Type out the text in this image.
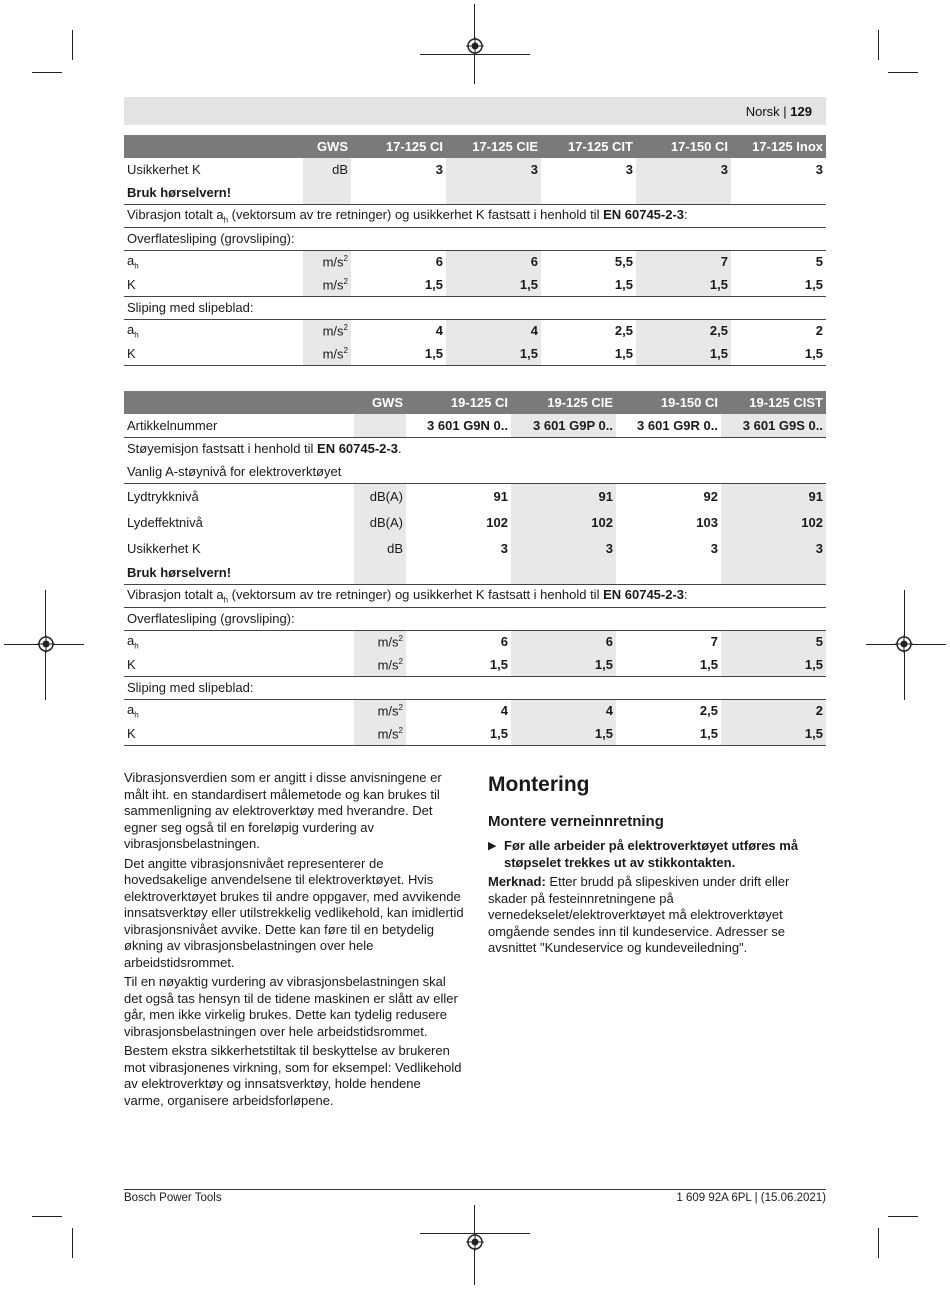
Norsk | 129
	GWS	17-125 CI	17-125 CIE	17-125 CIT	17-150 CI	17-125 Inox
Usikkerhet K	dB	3	3	3	3	3
Bruk hørselvern!						
Vibrasjon totalt $a_h$ (vektorsum av tre retninger) og usikkerhet K fastsatt i henhold til EN 60745-2-3:						
Overflatesliping (grovsliping):						
$a_h$	$m/s^2$	6	6	5,5	7	5
K	$m/s^2$	1,5	1,5	1,5	1,5	1,5
Sliping med slipeblad:						
$a_h$	$m/s^2$	4	4	2,5	2,5	2
K	$m/s^2$	1,5	1,5	1,5	1,5	1,5
	GWS	19-125 CI	19-125 CIE	19-150 CI	19-125 CIST
Artikkelnummer		3 601 G9N 0..	3 601 G9P 0..	3 601 G9R 0..	3 601 G9S 0..
Støyemisjon fastsatt i henhold til EN 60745-2-3.					
Vanlig A-støynivå for elektroverktøyet					
Lydtrykknivå	dB(A)	91	91	92	91
Lydeffektnivå	dB(A)	102	102	103	102
Usikkerhet K	dB	3	3	3	3
Bruk hørselvern!					
Vibrasjon totalt $a_h$ (vektorsum av tre retninger) og usikkerhet K fastsatt i henhold til EN 60745-2-3:					
Overflatesliping (grovsliping):					
$a_h$	$m/s^2$	6	6	7	5
K	$m/s^2$	1,5	1,5	1,5	1,5
Sliping med slipeblad:					
$a_h$	$m/s^2$	4	4	2,5	2
K	$m/s^2$	1,5	1,5	1,5	1,5

Vibrasjonsverdien som er angitt i disse anvisningene er målt iht. en standardisert målemetode og kan brukes til sammenligning av elektroverktøy med hverandre. Det egner seg også til en foreløpig vurdering av vibrasjonsbelastningen.

Det angitte vibrasjonsnivået representerer de hovedsakelige anvendelsene til elektroverktøyet. Hvis elektroverktøyet brukes til andre oppgaver, med avvikende innsatsverktøy eller utilstrekkelig vedlikehold, kan imidlertid vibrasjonsnivået avvike. Dette kan føre til en betydelig økning av vibrasjonsbelastningen over hele arbeidstidsrommet.

Til en nøyaktig vurdering av vibrasjonsbelastningen skal det også tas hensyn til de tidene maskinen er slått av eller går, men ikke virkelig brukes. Dette kan tydelig redusere vibrasjonsbelastningen over hele arbeidstidsrommet.

Bestem ekstra sikkerhetstiltak til beskyttelse av brukeren mot vibrasjonenes virkning, som for eksempel: Vedlikehold av elektroverktøy og innsatsverktøy, holde hendene varme, organisere arbeidsforløpene.

Montering
Montere verneinnretning
▶ Før alle arbeider på elektroverktøyet utføres må støpselet trekkes ut av stikkontakten.

Merknad: Etter brudd på slipeskiven under drift eller skader på festeinnretningene på vernedekselet/elektroverktøyet må elektroverktøyet omgående sendes inn til kundeservice. Adresser se avsnittet "Kundeservice og kundeveiledning".

Bosch Power Tools	1 609 92A 6PL | (15.06.2021)
